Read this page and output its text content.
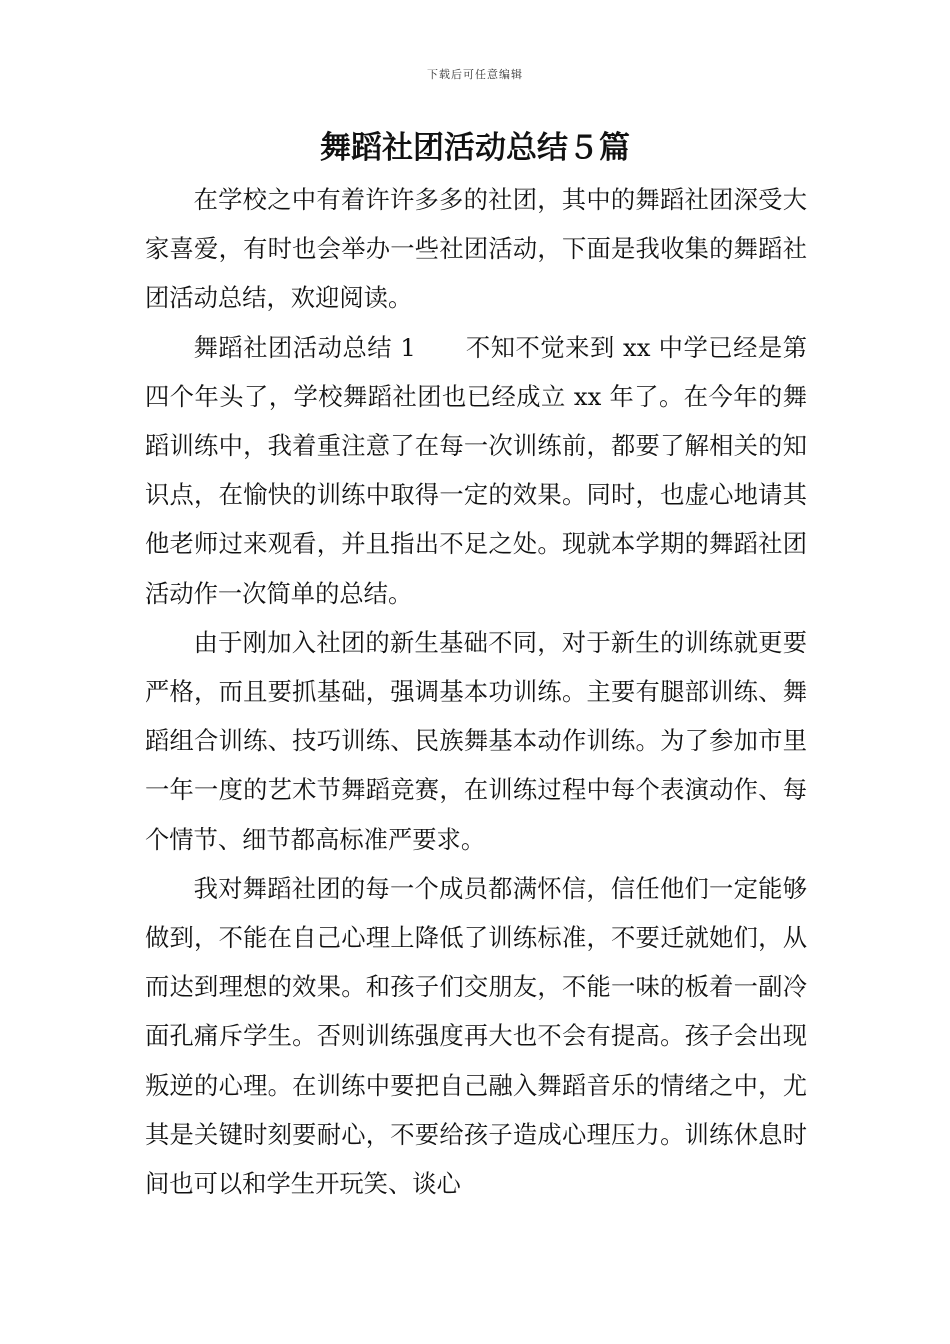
下载后可任意编辑
舞蹈社团活动总结５篇

在学校之中有着许许多多的社团，其中的舞蹈社团深受大家喜爱，有时也会举办一些社团活动，下面是我收集的舞蹈社团活动总结，欢迎阅读。

舞蹈社团活动总结 1　　不知不觉来到 xx 中学已经是第四个年头了，学校舞蹈社团也已经成立 xx 年了。在今年的舞蹈训练中，我着重注意了在每一次训练前，都要了解相关的知识点，在愉快的训练中取得一定的效果。同时，也虚心地请其他老师过来观看，并且指出不足之处。现就本学期的舞蹈社团活动作一次简单的总结。

由于刚加入社团的新生基础不同，对于新生的训练就更要严格，而且要抓基础，强调基本功训练。主要有腿部训练、舞蹈组合训练、技巧训练、民族舞基本动作训练。为了参加市里一年一度的艺术节舞蹈竞赛，在训练过程中每个表演动作、每个情节、细节都高标准严要求。

我对舞蹈社团的每一个成员都满怀信，信任他们一定能够做到，不能在自己心理上降低了训练标准，不要迁就她们，从而达到理想的效果。和孩子们交朋友，不能一味的板着一副冷面孔痛斥学生。否则训练强度再大也不会有提高。孩子会出现叛逆的心理。在训练中要把自己融入舞蹈音乐的情绪之中，尤其是关键时刻要耐心，不要给孩子造成心理压力。训练休息时间也可以和学生开玩笑、谈心
